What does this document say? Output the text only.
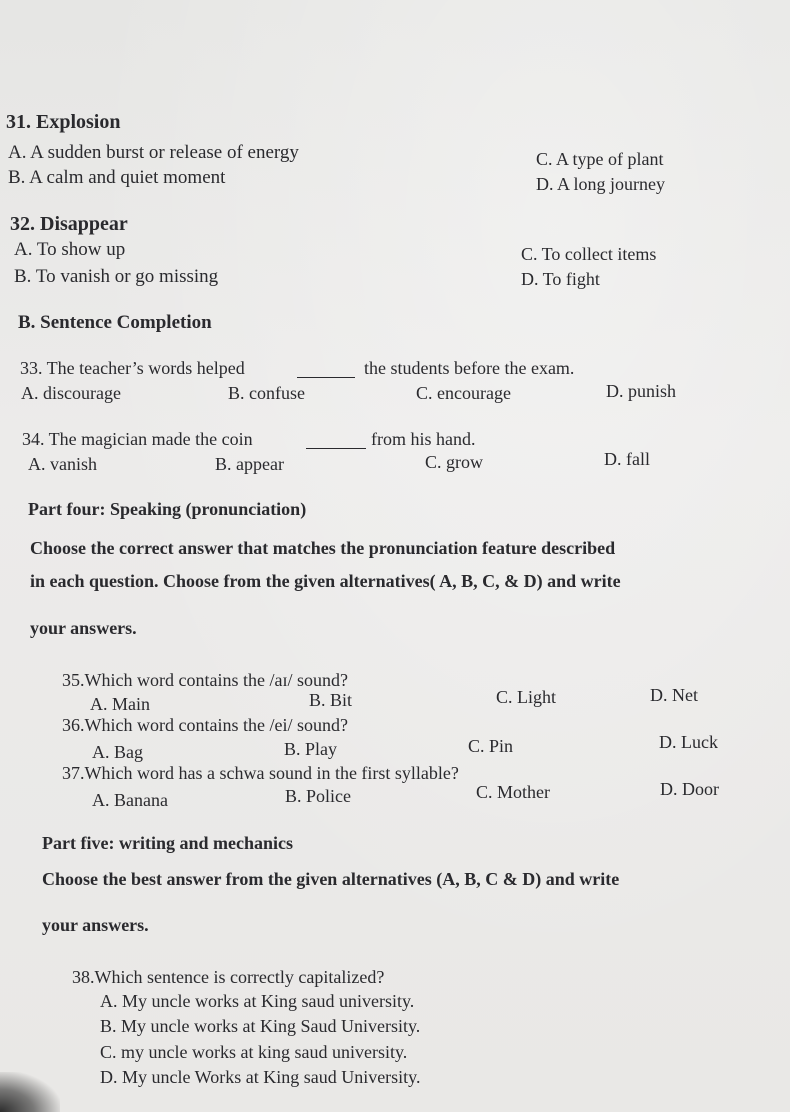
31. Explosion
A. A sudden burst or release of energy
B. A calm and quiet moment
C. A type of plant
D. A long journey
32. Disappear
A. To show up
B. To vanish or go missing
C. To collect items
D. To fight
B. Sentence Completion
33. The teacher’s words helped	the students before the exam.
A. discourage	B. confuse	C. encourage	D. punish
34. The magician made the coin	from his hand.
A. vanish	B. appear	C. grow	D. fall
Part four: Speaking (pronunciation)
Choose the correct answer that matches the pronunciation feature described
in each question. Choose from the given alternatives( A, B, C, & D) and write
your answers.
35.Which word contains the /aɪ/ sound?
A. Main	B. Bit	C. Light	D. Net
36.Which word contains the /ei/ sound?
A. Bag	B. Play	C. Pin	D. Luck
37.Which word has a schwa sound in the first syllable?
A. Banana	B. Police	C. Mother	D. Door
Part five: writing and mechanics
Choose the best answer from the given alternatives (A, B, C & D) and write
your answers.
38.Which sentence is correctly capitalized?
A. My uncle works at King saud university.
B. My uncle works at King Saud University.
C. my uncle works at king saud university.
D. My uncle Works at King saud University.
